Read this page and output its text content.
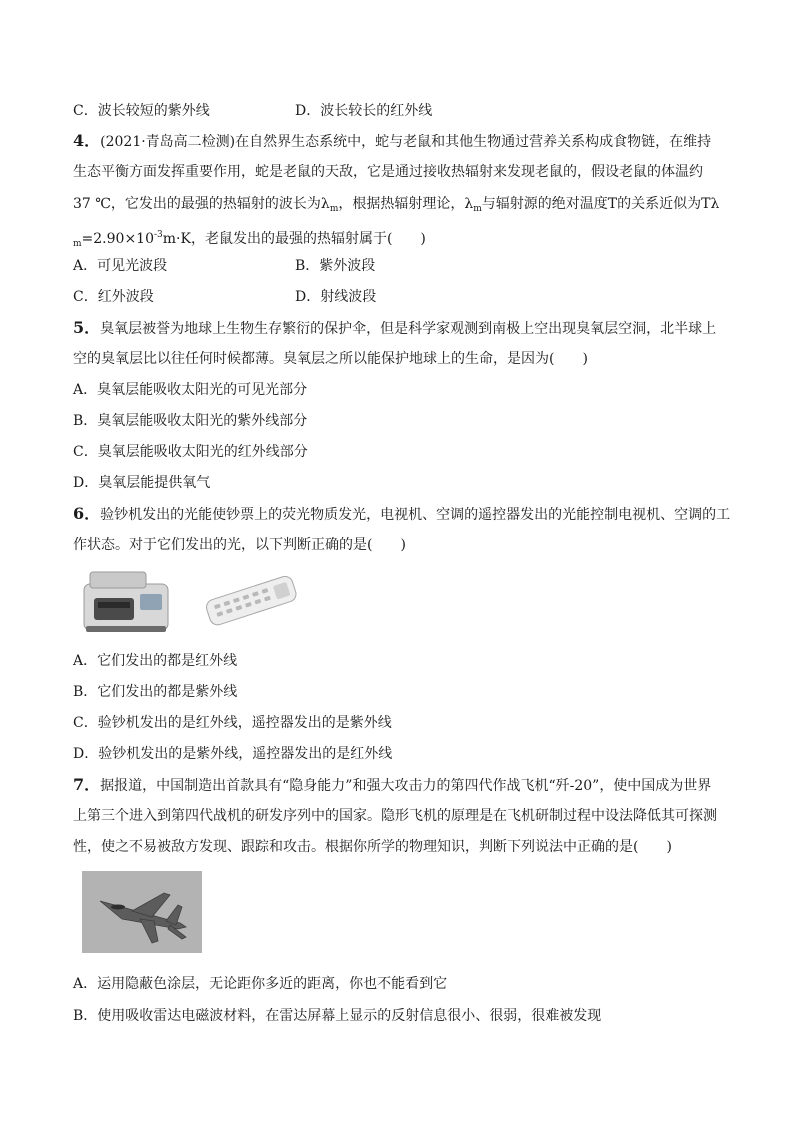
C．波长较短的紫外线	D．波长较长的红外线
4．(2021·青岛高二检测)在自然界生态系统中，蛇与老鼠和其他生物通过营养关系构成食物链，在维持
生态平衡方面发挥重要作用，蛇是老鼠的天敌，它是通过接收热辐射来发现老鼠的，假设老鼠的体温约
37 ℃，它发出的最强的热辐射的波长为$\lambda_m$，根据热辐射理论，$\lambda_m$与辐射源的绝对温度T的关系近似为Tλ
$_m=2.90\times 10^{-3}m\cdot K$，老鼠发出的最强的热辐射属于(　　)
A．可见光波段	B．紫外波段
C．红外波段	D．射线波段
5．臭氧层被誉为地球上生物生存繁衍的保护伞，但是科学家观测到南极上空出现臭氧层空洞，北半球上
空的臭氧层比以往任何时候都薄。臭氧层之所以能保护地球上的生命，是因为(　　)
A．臭氧层能吸收太阳光的可见光部分
B．臭氧层能吸收太阳光的紫外线部分
C．臭氧层能吸收太阳光的红外线部分
D．臭氧层能提供氧气
6．验钞机发出的光能使钞票上的荧光物质发光，电视机、空调的遥控器发出的光能控制电视机、空调的工
作状态。对于它们发出的光，以下判断正确的是(　　)
A．它们发出的都是红外线
B．它们发出的都是紫外线
C．验钞机发出的是红外线，遥控器发出的是紫外线
D．验钞机发出的是紫外线，遥控器发出的是红外线
7．据报道，中国制造出首款具有“隐身能力”和强大攻击力的第四代作战飞机“歼-20”，使中国成为世界
上第三个进入到第四代战机的研发序列中的国家。隐形飞机的原理是在飞机研制过程中设法降低其可探测
性，使之不易被敌方发现、跟踪和攻击。根据你所学的物理知识，判断下列说法中正确的是(　　)
A．运用隐蔽色涂层，无论距你多近的距离，你也不能看到它
B．使用吸收雷达电磁波材料，在雷达屏幕上显示的反射信息很小、很弱，很难被发现
